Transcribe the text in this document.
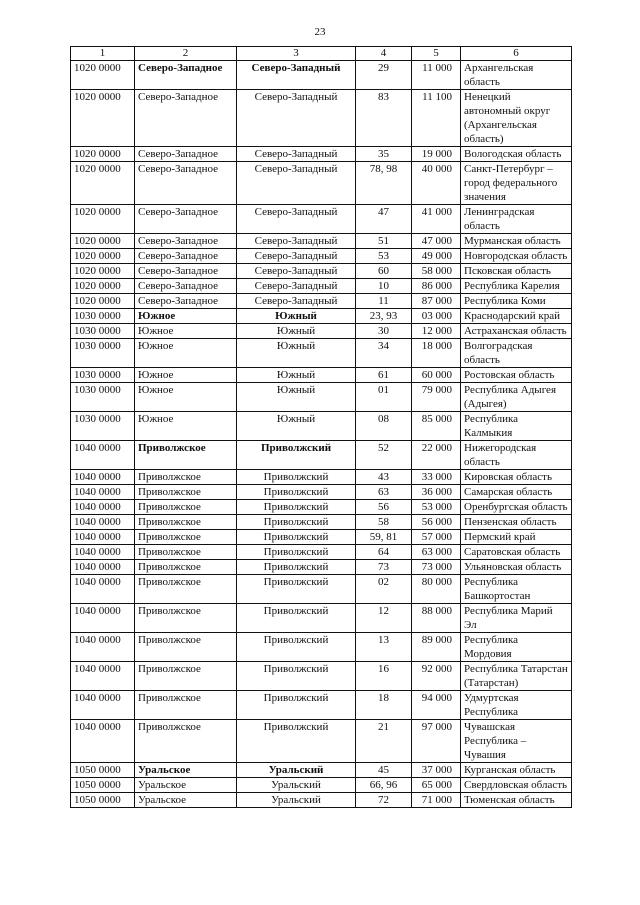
23
1	2	3	4	5	6
1020 0000	Северо-Западное	Северо-Западный	29	11 000	Архангельская область
1020 0000	Северо-Западное	Северо-Западный	83	11 100	Ненецкий автономный округ (Архангельская область)
1020 0000	Северо-Западное	Северо-Западный	35	19 000	Вологодская область
1020 0000	Северо-Западное	Северо-Западный	78, 98	40 000	Санкт-Петербург – город федерального значения
1020 0000	Северо-Западное	Северо-Западный	47	41 000	Ленинградская область
1020 0000	Северо-Западное	Северо-Западный	51	47 000	Мурманская область
1020 0000	Северо-Западное	Северо-Западный	53	49 000	Новгородская область
1020 0000	Северо-Западное	Северо-Западный	60	58 000	Псковская область
1020 0000	Северо-Западное	Северо-Западный	10	86 000	Республика Карелия
1020 0000	Северо-Западное	Северо-Западный	11	87 000	Республика Коми
1030 0000	Южное	Южный	23, 93	03 000	Краснодарский край
1030 0000	Южное	Южный	30	12 000	Астраханская область
1030 0000	Южное	Южный	34	18 000	Волгоградская область
1030 0000	Южное	Южный	61	60 000	Ростовская область
1030 0000	Южное	Южный	01	79 000	Республика Адыгея (Адыгея)
1030 0000	Южное	Южный	08	85 000	Республика Калмыкия
1040 0000	Приволжское	Приволжский	52	22 000	Нижегородская область
1040 0000	Приволжское	Приволжский	43	33 000	Кировская область
1040 0000	Приволжское	Приволжский	63	36 000	Самарская область
1040 0000	Приволжское	Приволжский	56	53 000	Оренбургская область
1040 0000	Приволжское	Приволжский	58	56 000	Пензенская область
1040 0000	Приволжское	Приволжский	59, 81	57 000	Пермский край
1040 0000	Приволжское	Приволжский	64	63 000	Саратовская область
1040 0000	Приволжское	Приволжский	73	73 000	Ульяновская область
1040 0000	Приволжское	Приволжский	02	80 000	Республика Башкортостан
1040 0000	Приволжское	Приволжский	12	88 000	Республика Марий Эл
1040 0000	Приволжское	Приволжский	13	89 000	Республика Мордовия
1040 0000	Приволжское	Приволжский	16	92 000	Республика Татарстан (Татарстан)
1040 0000	Приволжское	Приволжский	18	94 000	Удмуртская Республика
1040 0000	Приволжское	Приволжский	21	97 000	Чувашская Республика – Чувашия
1050 0000	Уральское	Уральский	45	37 000	Курганская область
1050 0000	Уральское	Уральский	66, 96	65 000	Свердловская область
1050 0000	Уральское	Уральский	72	71 000	Тюменская область
